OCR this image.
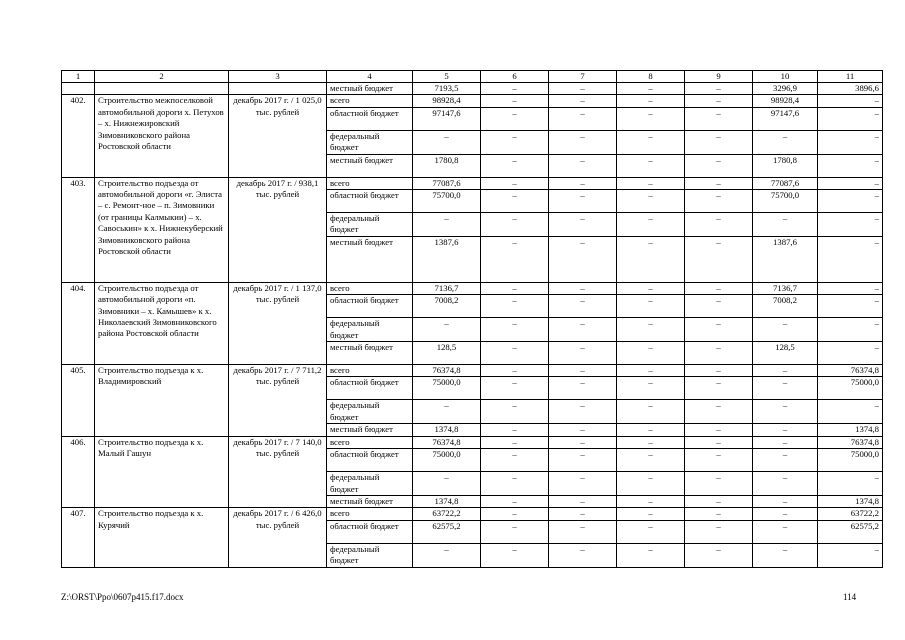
1	2	3	4	5	6	7	8	9	10	11
			местный бюджет	7193,5	–	–	–	–	3296,9	3896,6
402.	Строительство межпоселковой автомобильной дороги х. Петухов – х. Нижнежировский Зимовниковского района Ростовской области	декабрь 2017 г. / 1 025,0 тыс. рублей	всего	98928,4	–	–	–	–	98928,4	–
			областной бюджет	97147,6	–	–	–	–	97147,6	–
			федеральный бюджет	–	–	–	–	–	–	–
			местный бюджет	1780,8	–	–	–	–	1780,8	–
403.	Строительство подъезда от автомобильной дороги «г. Элиста – с. Ремонт-ное – п. Зимовники (от границы Калмыкии) – х. Савоськин» к х. Нижнекуберский Зимовниковского района Ростовской области	декабрь 2017 г. / 938,1 тыс. рублей	всего	77087,6	–	–	–	–	77087,6	–
			областной бюджет	75700,0	–	–	–	–	75700,0	–
			федеральный бюджет	–	–	–	–	–	–	–
			местный бюджет	1387,6	–	–	–	–	1387,6	–
404.	Строительство подъезда от автомобильной дороги «п. Зимовники – х. Камышев» к х. Николаевский Зимовниковского района Ростовской области	декабрь 2017 г. / 1 137,0 тыс. рублей	всего	7136,7	–	–	–	–	7136,7	–
			областной бюджет	7008,2	–	–	–	–	7008,2	–
			федеральный бюджет	–	–	–	–	–	–	–
			местный бюджет	128,5	–	–	–	–	128,5	–
405.	Строительство подъезда к х. Владимировский	декабрь 2017 г. / 7 711,2 тыс. рублей	всего	76374,8	–	–	–	–	–	76374,8
			областной бюджет	75000,0	–	–	–	–	–	75000,0
			федеральный бюджет	–	–	–	–	–	–	–
			местный бюджет	1374,8	–	–	–	–	–	1374,8
406.	Строительство подъезда к х. Малый Гашун	декабрь 2017 г. / 7 140,0 тыс. рублей	всего	76374,8	–	–	–	–	–	76374,8
			областной бюджет	75000,0	–	–	–	–	–	75000,0
			федеральный бюджет	–	–	–	–	–	–	–
			местный бюджет	1374,8	–	–	–	–	–	1374,8
407.	Строительство подъезда к х. Курячий	декабрь 2017 г. / 6 426,0 тыс. рублей	всего	63722,2	–	–	–	–	–	63722,2
			областной бюджет	62575,2	–	–	–	–	–	62575,2
			федеральный бюджет	–	–	–	–	–	–	–
Z:\ORST\Ppo\0607p415.f17.docx	114
